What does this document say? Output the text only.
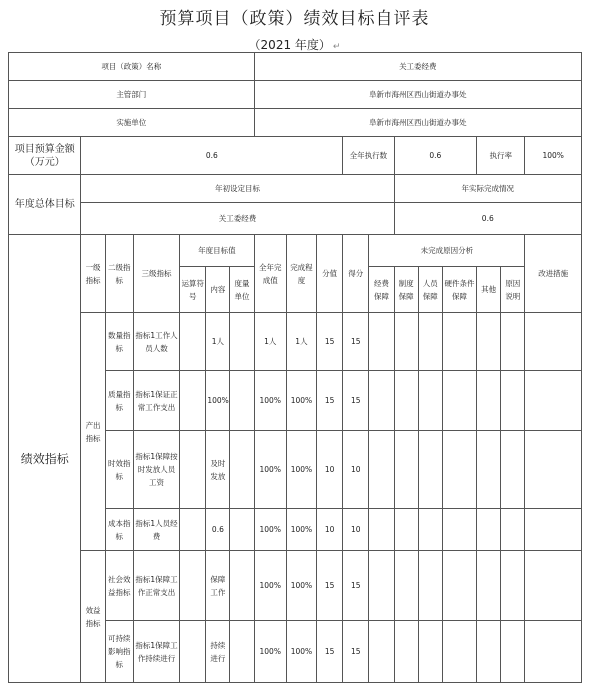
预算项目（政策）绩效目标自评表
（2021 年度） ↵
项目（政策）名称							关工委经费										
主管部门							阜新市海州区西山街道办事处										
实施单位							阜新市海州区西山街道办事处										
项目预算金额（万元）	0.6									全年执行数		0.6			执行率		100%
年度总体目标	年初设定目标											年实际完成情况					
	关工委经费											0.6					
绩效指标	一级指标	二级指标	三级指标	年度目标值			全年完成值	完成程度	分值	得分	未完成原因分析						改进措施
				运算符号	内容	度量单位					经费保障	制度保障	人员保障	硬件条件保障	其他	原因说明	
	产出指标	数量指标	指标1工作人员人数		1人		1人	1人	15	15							
		质量指标	指标1保证正常工作支出		100%		100%	100%	15	15							
		时效指标	指标1保障按时发放人员工资		及时发放		100%	100%	10	10							
		成本指标	指标1人员经费		0.6		100%	100%	10	10							
	效益指标	社会效益指标	指标1保障工作正常支出		保障工作		100%	100%	15	15							
		可持续影响指标	指标1保障工作持续进行		持续进行		100%	100%	15	15							
